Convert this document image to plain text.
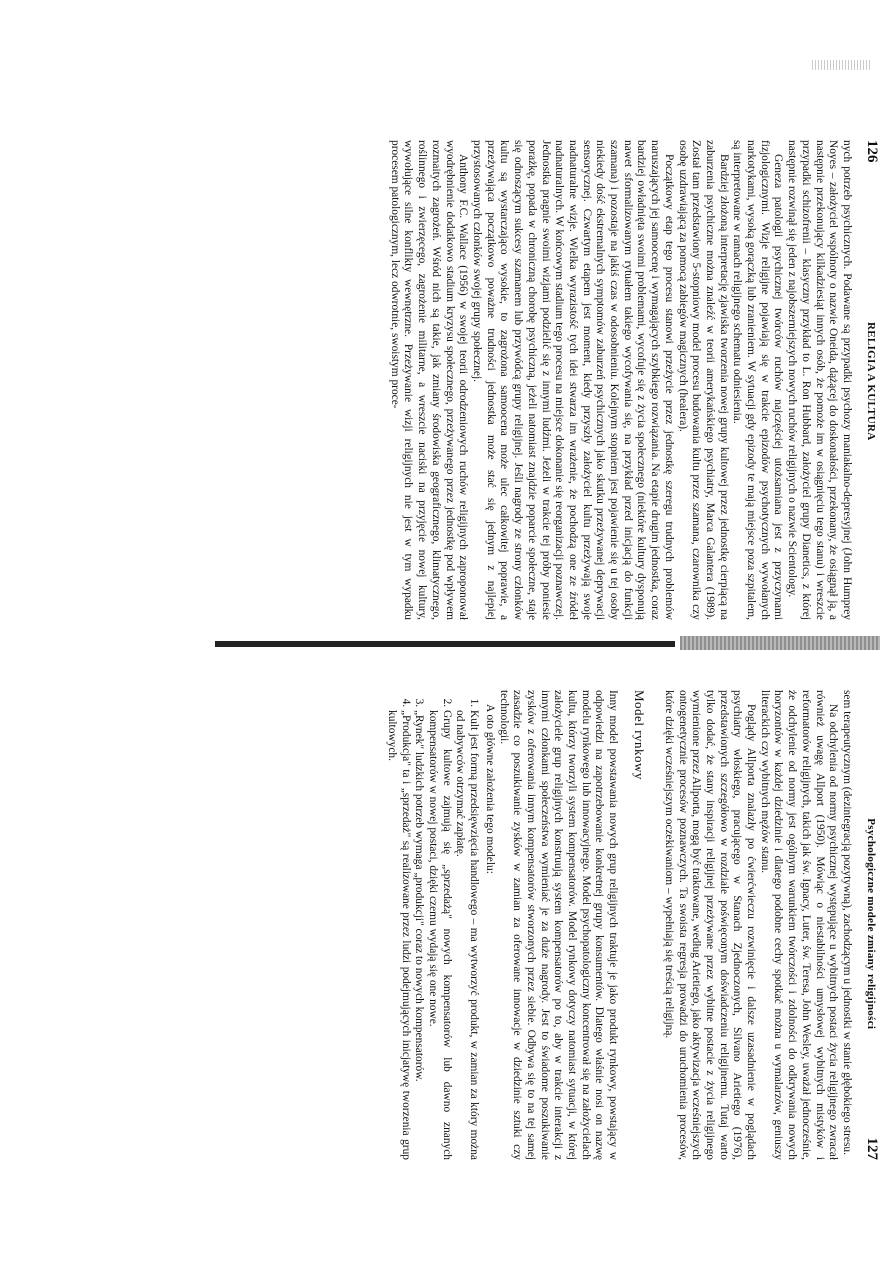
126
RELIGIA A KULTURA

nych potrzeb psychicznych. Podawane są przypadki psychozy maniakalno-depresyjnej (John Humprey Noyes – założyciel wspólnoty o nazwie Oneida, dążącej do doskonałości, przekonany, że osiągnął ją, a następnie przekonujący kilkadziesiąt innych osób, że pomoże im w osiągnięciu tego stanu) i wreszcie przypadki schizofrenii – klasyczny przykład to L. Ron Hubbard, założyciel grupy Dianetics, z której następnie rozwinął się jeden z najobszerniejszych nowych ruchów religijnych o nazwie Scientology.

Geneza patologii psychicznej twórców ruchów najczęściej utożsamiana jest z przyczynami fizjologicznymi. Wizje religijne pojawiają się w trakcie epizodów psychotycznych wywołanych narkotykami, wysoką gorączką lub zranieniem. W sytuacji gdy epizody te mają miejsce poza szpitalem, są interpretowane w ramach religijnego schematu odniesienia.

Bardziej złożoną interpretację zjawiska tworzenia nowej grupy kultowej przez jednostkę cierpiącą na zaburzenia psychiczne można znaleźć w teorii amerykańskiego psychiatry, Marca Galantera (1989). Został tam przedstawiony 5-stopniowy model procesu budowania kultu przez szamana, czarownika czy osobę uzdrawiającą za pomocą zabiegów magicznych (healera).

Początkowy etap tego procesu stanowi przeżycie przez jednostkę szeregu trudnych problemów naruszających jej samoocenę i wymagających szybkiego rozwiązania. Na etapie drugim jednostka, coraz bardziej owładnięta swoimi problemami, wycofuje się z życia społecznego (niektóre kultury dysponują nawet sformalizowanym rytuałem takiego wycofywania się, na przykład przed inicjacją do funkcji szamana) i pozostaje na jakiś czas w odosobnieniu. Kolejnym stopniem jest pojawienie się u tej osoby niekiedy dość ekstremalnych symptomów zaburzeń psychicznych jako skutku przeżywanej deprywacji sensorycznej. Czwartym etapem jest moment, kiedy przyszły założyciel kultu przeżywają swoje nadnaturalne wizje. Wielka wyrazistość tych idei stwarza im wrażenie, że pochodzą one ze źródeł nadnaturalnych. W końcowym stadium tego procesu na miejsce dokonanie się reorganizacji poznawczej. Jednostka pragnie swoimi wizjami podzielić się z innymi ludźmi. Jeżeli w trakcie tej próby poniesie porażkę, popada w chroniczną chorobę psychiczną, jeżeli natomiast znajdzie poparcie społeczne, staje się odnoszącym sukcesy szamanem lub przywódcą grupy religijnej. Jeśli nagrody ze strony członków kultu są wystarczająco wysokie, to zagrożona samoocena może ulec całkowitej poprawie, a przeżywająca początkowo poważne trudności jednostka może stać się jednym z najlepiej przystosowanych członków swojej grupy społecznej.

Anthony F.C. Wallace (1956) w swojej teorii odrodzeniowych ruchów religijnych zaproponował wyodrębnienie dodatkowo stadium kryzysu społecznego, przeżywanego przez jednostkę pod wpływem rozmaitych zagrożeń. Wśród nich są takie, jak zmiany środowiska geograficznego, klimatycznego, roślinnego i zwierzęcego, zagrożenie militarne, a wreszcie naciski na przyjęcie nowej kultury, wywołujące silne konflikty wewnętrzne. Przeżywanie wizji religijnych nie jest w tym wypadku procesem patologicznym, lecz odwrotnie, swoistym proce-

Psychologiczne modele zmiany religijności
127

sem terapeutycznym (dezintegracją pozytywną), zachodzącym u jednostki w stanie głębokiego stresu.

Na odchylenia od normy psychicznej występujące u wybitnych postaci życia religijnego zwracał również uwagę Allport (1950). Mówiąc o niestabilności umysłowej wybitnych mistyków i reformatorów religijnych, takich jak św. Ignacy, Luter, św. Teresa, John Wesley, uważał jednocześnie, że odchylenie od normy jest ogólnym warunkiem twórczości i zdolności do odkrywania nowych horyzontów w każdej dziedzinie i dlatego podobne cechy spotkać można u wymalarzów, geniuszy literackich czy wybitnych mężów stanu.

Poglądy Allporta znalazły po ćwierćwieczu rozwinięcie i dalsze uzasadnienie w poglądach psychiatry włoskiego, pracującego w Stanach Zjednoczonych, Silvano Arietiego (1976), przedstawionych szczegółowo w rozdziale poświęconym doświadczeniu religijnemu. Tutaj warto tylko dodać, że stany inspiracji religijnej przeżywane przez wybitne postacie z życia religijnego wymienione przez Allporta, mogą być traktowane, według Arietiego, jako aktywizacja wcześniejszych ontogenetycznie procesów poznawczych. Ta swoista regresja prowadzi do uruchomienia procesów, które dzięki wcześniejszym oczekiwaniom – wypełniają się treścią religijną.

Model rynkowy

Inny model powstawania nowych grup religijnych traktuje je jako produkt rynkowy, powstający w odpowiedzi na zapotrzebowanie konkretnej grupy konsumentów. Dlatego właśnie nosi on nazwę modelu rynkowego lub innowacyjnego. Model psychopatologiczny koncentrował się na założycielach kultu, którzy tworzyli system kompensatorów. Model rynkowy dotyczy natomiast sytuacji, w której założyciele grup religijnych konstruują system kompensatorów po to, aby w trakcie interakcji z innymi członkami społeczeństwa wymieniać je za duże nagrody. Jest to świadome poszukiwanie zysków z oferowania innym kompensatorów stworzonych przez siebie. Odbywa się to na tej samej zasadzie co poszukiwanie zysków w zamian za oferowane innowacje w dziedzinie sztuki czy technologii.

A oto główne założenia tego modelu:

1. Kult jest formą przedsięwzięcia handlowego – ma wytworzyć produkt, w zamian za który można od nabywców otrzymać zapłatę.
2. Grupy kultowe zajmują się „sprzedażą" nowych kompensatorów lub dawno znanych kompensatorów w nowej postaci, dzięki czemu wydają się one nowe.
3. „Rynek" ludzkich potrzeb wymaga „produkcji" coraz to nowych kompensatorów.
4. „Produkcja" ta i „sprzedaż" są realizowane przez ludzi podejmujących inicjatywę tworzenia grup kultowych.
